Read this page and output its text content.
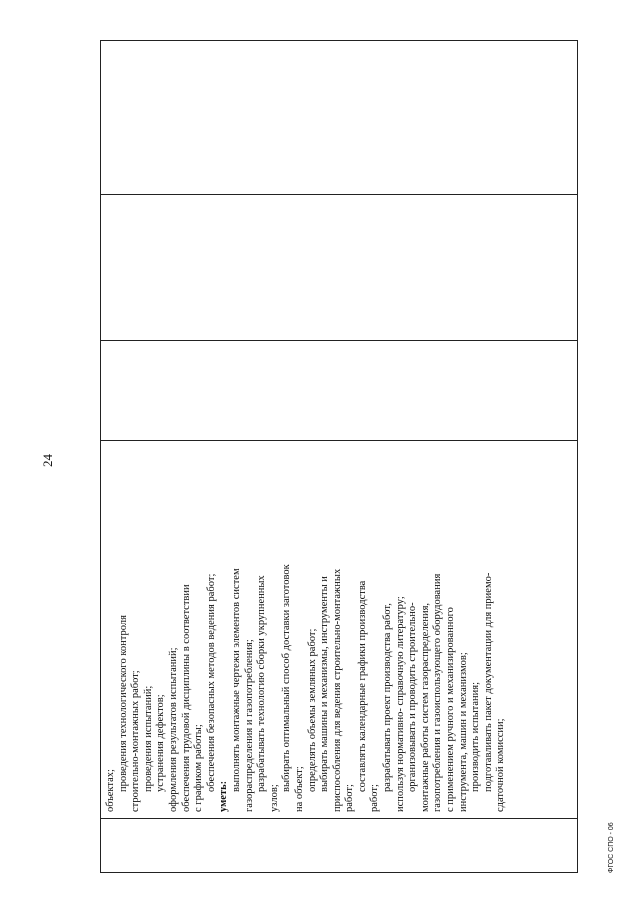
24

объектах; проведения технологического контроля строительно-монтажных работ; проведения испытаний; устранения дефектов; оформления результатов испытаний; обеспечения трудовой дисциплины в соответствии с графиком работы; обеспечения безопасных методов ведения работ;
уметь:
выполнять монтажные чертежи элементов систем газораспределения и газопотребления; разрабатывать технологию сборки укрупненных
узлов;
выбирать оптимальный способ доставки заготовок на объект; определять объемы земляных работ; выбирать машины и механизмы, инструменты и приспособления для ведения строительно-монтажных работ;
составлять календарные графики производства
работ;
разрабатывать проект производства работ, используя нормативно- справочную литературу; организовывать и проводить строительно- монтажные работы систем газораспределения, газопотребления и газоиспользующего оборудования с применением ручного и механизированного инструмента, машин и механизмов; производить испытания; подготавливать пакет документации для приемо- сдаточной комиссии;

ФГОС СПО - 06
